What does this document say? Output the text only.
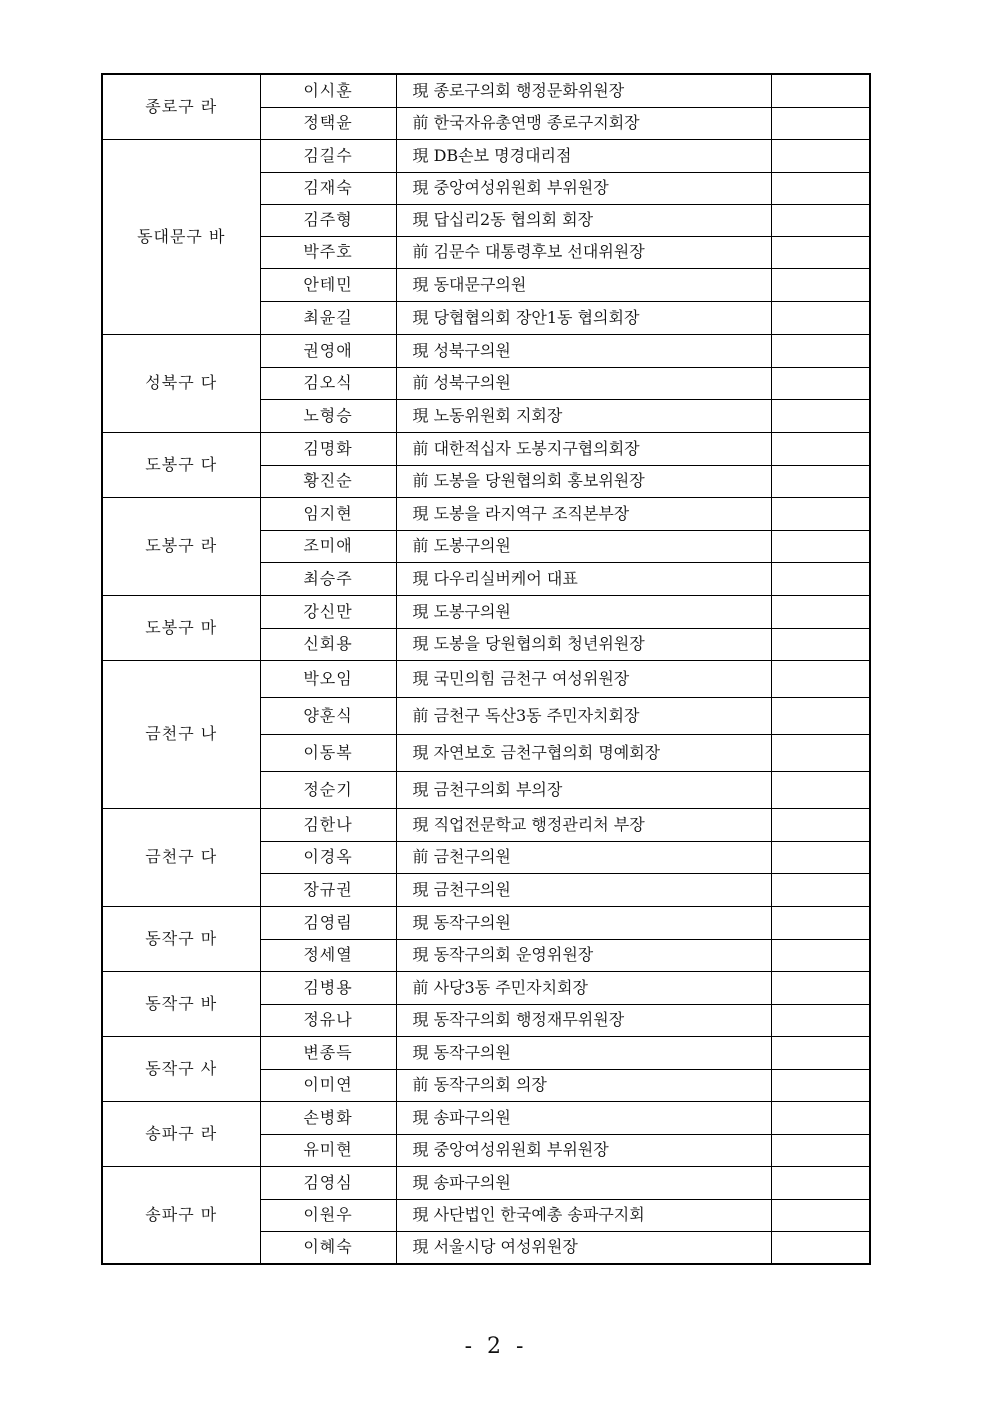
종로구 라	이시훈	現 종로구의회 행정문화위원장	
	정택윤	前 한국자유총연맹 종로구지회장	
동대문구 바	김길수	現 DB손보 명경대리점	
	김재숙	現 중앙여성위원회 부위원장	
	김주형	現 답십리2동 협의회 회장	
	박주호	前 김문수 대통령후보 선대위원장	
	안테민	現 동대문구의원	
	최윤길	現 당협협의회 장안1동 협의회장	
성북구 다	권영애	現 성북구의원	
	김오식	前 성북구의원	
	노형승	現 노동위원회 지회장	
도봉구 다	김명화	前 대한적십자 도봉지구협의회장	
	황진순	前 도봉을 당원협의회 홍보위원장	
도봉구 라	임지현	現 도봉을 라지역구 조직본부장	
	조미애	前 도봉구의원	
	최승주	現 다우리실버케어 대표	
도봉구 마	강신만	現 도봉구의원	
	신회용	現 도봉을 당원협의회 청년위원장	
금천구 나	박오임	現 국민의힘 금천구 여성위원장	
	양훈식	前 금천구 독산3동 주민자치회장	
	이동복	現 자연보호 금천구협의회 명예회장	
	정순기	現 금천구의회 부의장	
금천구 다	김한나	現 직업전문학교 행정관리처 부장	
	이경옥	前 금천구의원	
	장규권	現 금천구의원	
동작구 마	김영림	現 동작구의원	
	정세열	現 동작구의회 운영위원장	
동작구 바	김병용	前 사당3동 주민자치회장	
	정유나	現 동작구의회 행정재무위원장	
동작구 사	변종득	現 동작구의원	
	이미연	前 동작구의회 의장	
송파구 라	손병화	現 송파구의원	
	유미현	現 중앙여성위원회 부위원장	
송파구 마	김영심	現 송파구의원	
	이원우	現 사단법인 한국예총 송파구지회	
	이혜숙	現 서울시당 여성위원장	
- 2 -
